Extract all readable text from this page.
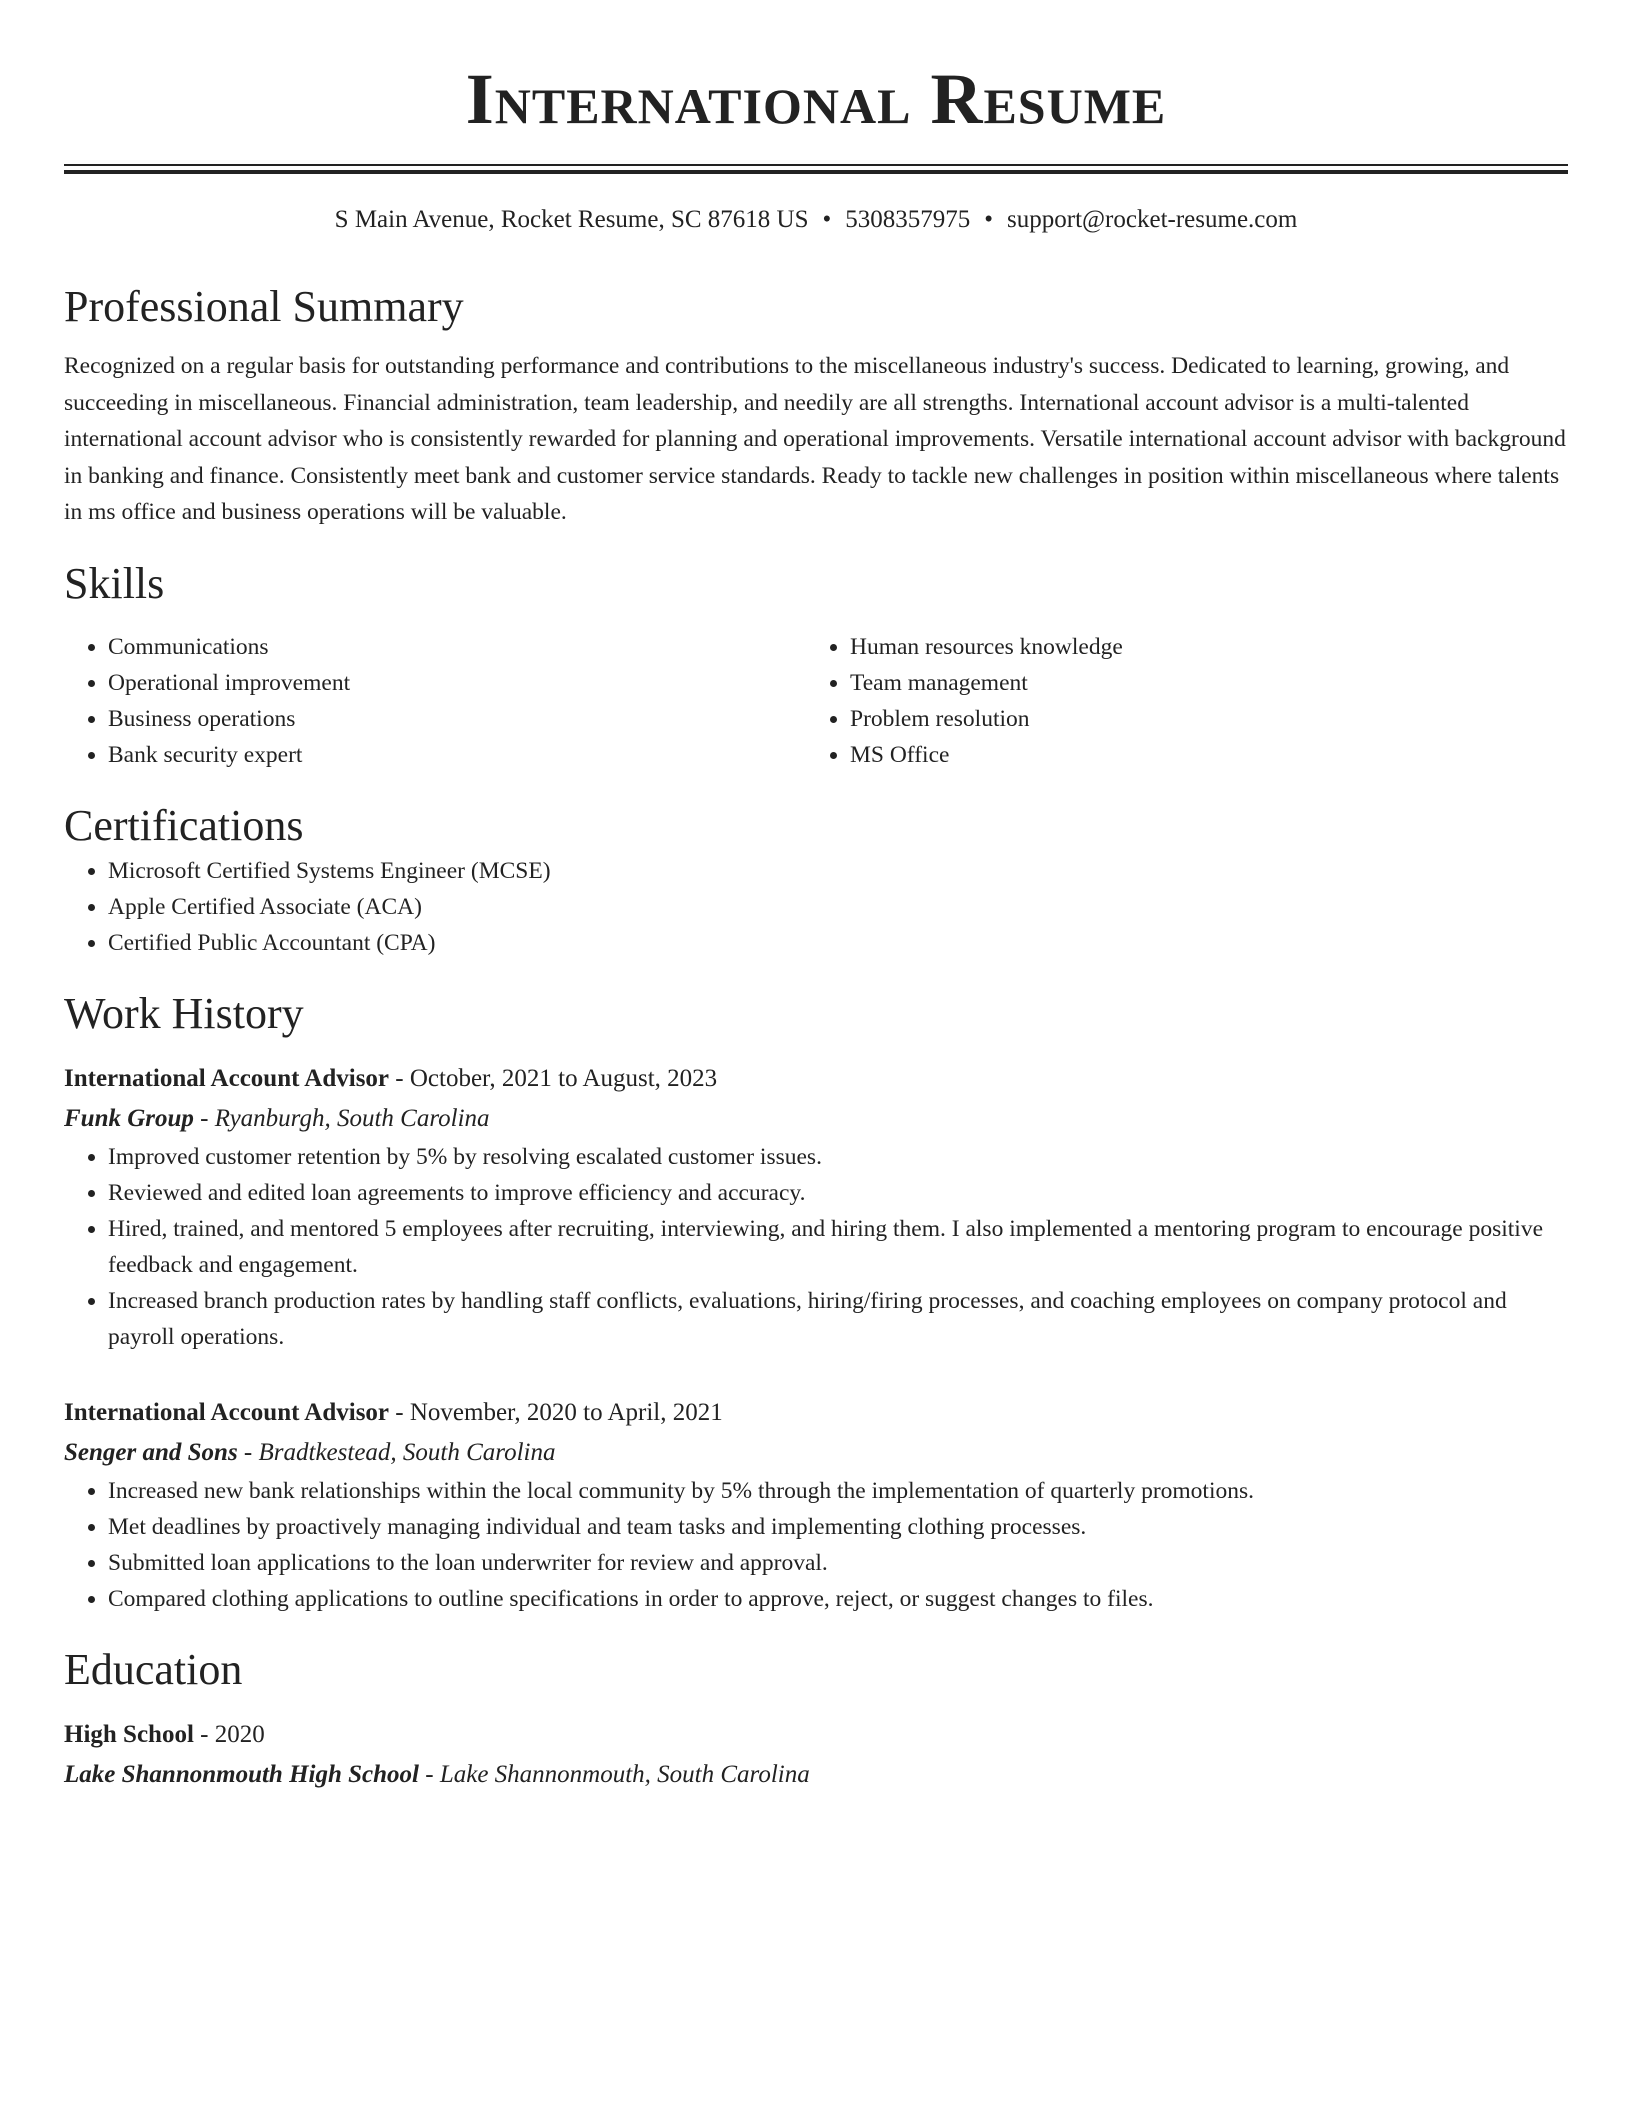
International Resume
S Main Avenue, Rocket Resume, SC 87618 US • 5308357975 • support@rocket-resume.com
Professional Summary
Recognized on a regular basis for outstanding performance and contributions to the miscellaneous industry's success. Dedicated to learning, growing, and succeeding in miscellaneous. Financial administration, team leadership, and needily are all strengths. International account advisor is a multi-talented international account advisor who is consistently rewarded for planning and operational improvements. Versatile international account advisor with background in banking and finance. Consistently meet bank and customer service standards. Ready to tackle new challenges in position within miscellaneous where talents in ms office and business operations will be valuable.
Skills
• Communications
• Operational improvement
• Business operations
• Bank security expert
• Human resources knowledge
• Team management
• Problem resolution
• MS Office
Certifications
• Microsoft Certified Systems Engineer (MCSE)
• Apple Certified Associate (ACA)
• Certified Public Accountant (CPA)
Work History
International Account Advisor - October, 2021 to August, 2023
Funk Group - Ryanburgh, South Carolina
• Improved customer retention by 5% by resolving escalated customer issues.
• Reviewed and edited loan agreements to improve efficiency and accuracy.
• Hired, trained, and mentored 5 employees after recruiting, interviewing, and hiring them. I also implemented a mentoring program to encourage positive feedback and engagement.
• Increased branch production rates by handling staff conflicts, evaluations, hiring/firing processes, and coaching employees on company protocol and payroll operations.
International Account Advisor - November, 2020 to April, 2021
Senger and Sons - Bradtkestead, South Carolina
• Increased new bank relationships within the local community by 5% through the implementation of quarterly promotions.
• Met deadlines by proactively managing individual and team tasks and implementing clothing processes.
• Submitted loan applications to the loan underwriter for review and approval.
• Compared clothing applications to outline specifications in order to approve, reject, or suggest changes to files.
Education
High School - 2020
Lake Shannonmouth High School - Lake Shannonmouth, South Carolina
